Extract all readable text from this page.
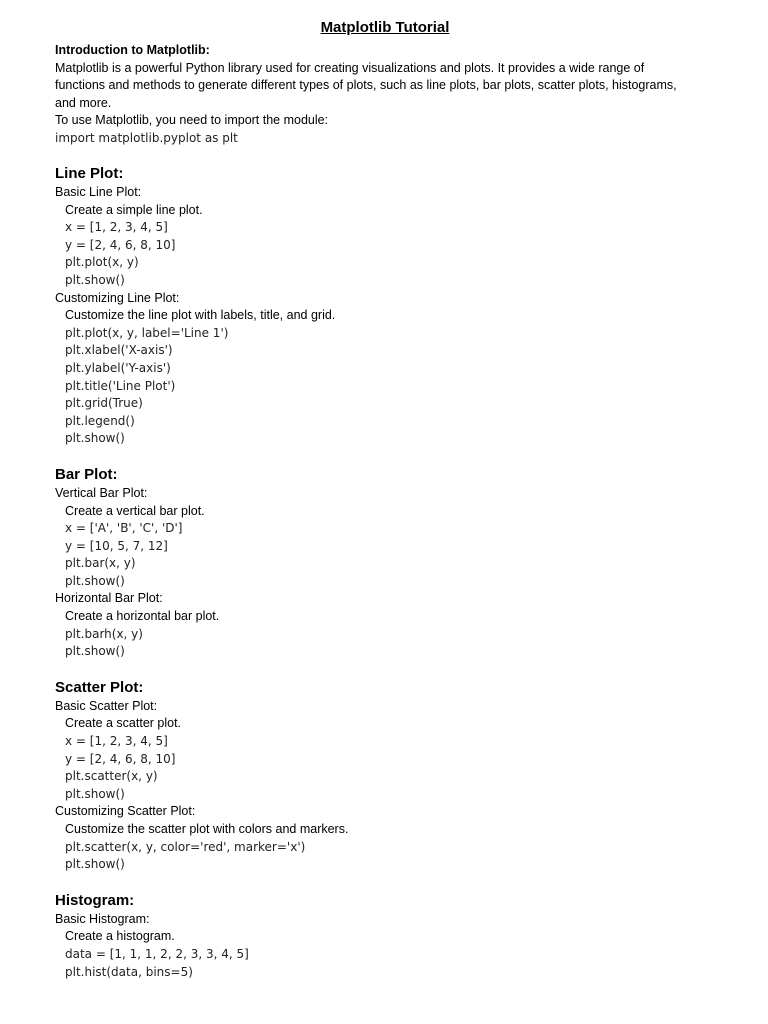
Matplotlib Tutorial
Introduction to Matplotlib:
Matplotlib is a powerful Python library used for creating visualizations and plots. It provides a wide range of
functions and methods to generate different types of plots, such as line plots, bar plots, scatter plots, histograms,
and more.
To use Matplotlib, you need to import the module:
import matplotlib.pyplot as plt
Line Plot:
Basic Line Plot:
Create a simple line plot.
x = [1, 2, 3, 4, 5]
y = [2, 4, 6, 8, 10]
plt.plot(x, y)
plt.show()
Customizing Line Plot:
Customize the line plot with labels, title, and grid.
plt.plot(x, y, label='Line 1')
plt.xlabel('X-axis')
plt.ylabel('Y-axis')
plt.title('Line Plot')
plt.grid(True)
plt.legend()
plt.show()
Bar Plot:
Vertical Bar Plot:
Create a vertical bar plot.
x = ['A', 'B', 'C', 'D']
y = [10, 5, 7, 12]
plt.bar(x, y)
plt.show()
Horizontal Bar Plot:
Create a horizontal bar plot.
plt.barh(x, y)
plt.show()
Scatter Plot:
Basic Scatter Plot:
Create a scatter plot.
x = [1, 2, 3, 4, 5]
y = [2, 4, 6, 8, 10]
plt.scatter(x, y)
plt.show()
Customizing Scatter Plot:
Customize the scatter plot with colors and markers.
plt.scatter(x, y, color='red', marker='x')
plt.show()
Histogram:
Basic Histogram:
Create a histogram.
data = [1, 1, 1, 2, 2, 3, 3, 4, 5]
plt.hist(data, bins=5)
